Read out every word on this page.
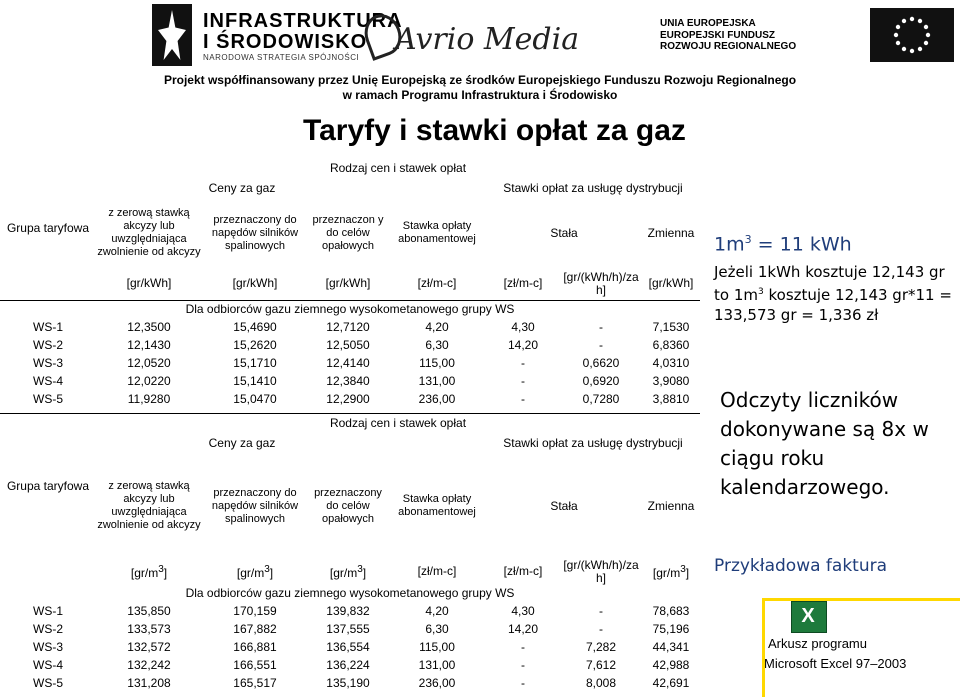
INFRASTRUKTURA
I ŚRODOWISKO
NARODOWA STRATEGIA SPÓJNOŚCI
Avrio Media	UNIA EUROPEJSKA
EUROPEJSKI FUNDUSZ
ROZWOJU REGIONALNEGO
Projekt współfinansowany przez Unię Europejską ze środków Europejskiego Funduszu Rozwoju Regionalnego
w ramach Programu Infrastruktura i Środowisko
Taryfy i stawki opłat za gaz
Grupa taryfowa	Rodzaj cen i stawek opłat						
	Ceny za gaz				Stawki opłat za usługę dystrybucji		
	z zerową stawką akcyzy lub uwzględniająca zwolnienie od akcyzy	przeznaczony do napędów silników spalinowych	przeznaczon y do celów opałowych	Stawka opłaty abonamentowej	Stała		Zmienna
	[gr/kWh]	[gr/kWh]	[gr/kWh]	[zł/m-c]	[zł/m-c]	[gr/(kWh/h)/za h]	[gr/kWh]
Dla odbiorców gazu ziemnego wysokometanowego grupy WS							
WS-1	12,3500	15,4690	12,7120	4,20	4,30	-	7,1530
WS-2	12,1430	15,2620	12,5050	6,30	14,20	-	6,8360
WS-3	12,0520	15,1710	12,4140	115,00	-	0,6620	4,0310
WS-4	12,0220	15,1410	12,3840	131,00	-	0,6920	3,9080
WS-5	11,9280	15,0470	12,2900	236,00	-	0,7280	3,8810
Grupa taryfowa	Rodzaj cen i stawek opłat						
	Ceny za gaz				Stawki opłat za usługę dystrybucji		
	z zerową stawką akcyzy lub uwzględniająca zwolnienie od akcyzy	przeznaczony do napędów silników spalinowych	przeznaczony do celów opałowych	Stawka opłaty abonamentowej	Stała		Zmienna
	$[gr/m^3]$	$[gr/m^3]$	$[gr/m^3]$	[zł/m-c]	[zł/m-c]	[gr/(kWh/h)/za h]	$[gr/m^3]$
Dla odbiorców gazu ziemnego wysokometanowego grupy WS							
WS-1	135,850	170,159	139,832	4,20	4,30	-	78,683
WS-2	133,573	167,882	137,555	6,30	14,20	-	75,196
WS-3	132,572	166,881	136,554	115,00	-	7,282	44,341
WS-4	132,242	166,551	136,224	131,00	-	7,612	42,988
WS-5	131,208	165,517	135,190	236,00	-	8,008	42,691
$1m^3 = 11$ kWh
Jeżeli 1kWh kosztuje 12,143 gr to $1m^3$ kosztuje 12,143 gr*11 = 133,573 gr = 1,336 zł
Odczyty liczników dokonywane są 8x w ciągu roku kalendarzowego.
Przykładowa faktura
X
Arkusz programu
Microsoft Excel 97–2003
